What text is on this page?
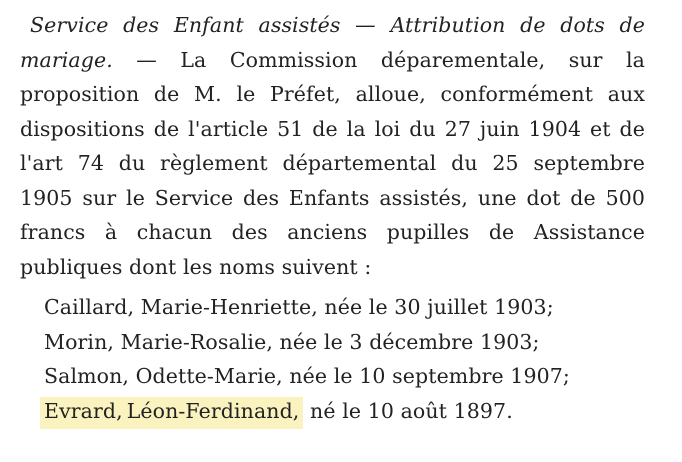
Service des Enfant assistés — Attribution de dots de mariage. — La Commission déparementale, sur la proposition de M. le Préfet, alloue, conformément aux dispositions de l'article 51 de la loi du 27 juin 1904 et de l'art 74 du règlement départemental du 25 septembre 1905 sur le Service des Enfants assistés, une dot de 500 francs à chacun des anciens pupilles de Assistance publiques dont les noms suivent :
Caillard, Marie-Henriette, née le 30 juillet 1903;
Morin, Marie-Rosalie, née le 3 décembre 1903;
Salmon, Odette-Marie, née le 10 septembre 1907;
Evrard, Léon-Ferdinand, né le 10 août 1897.
